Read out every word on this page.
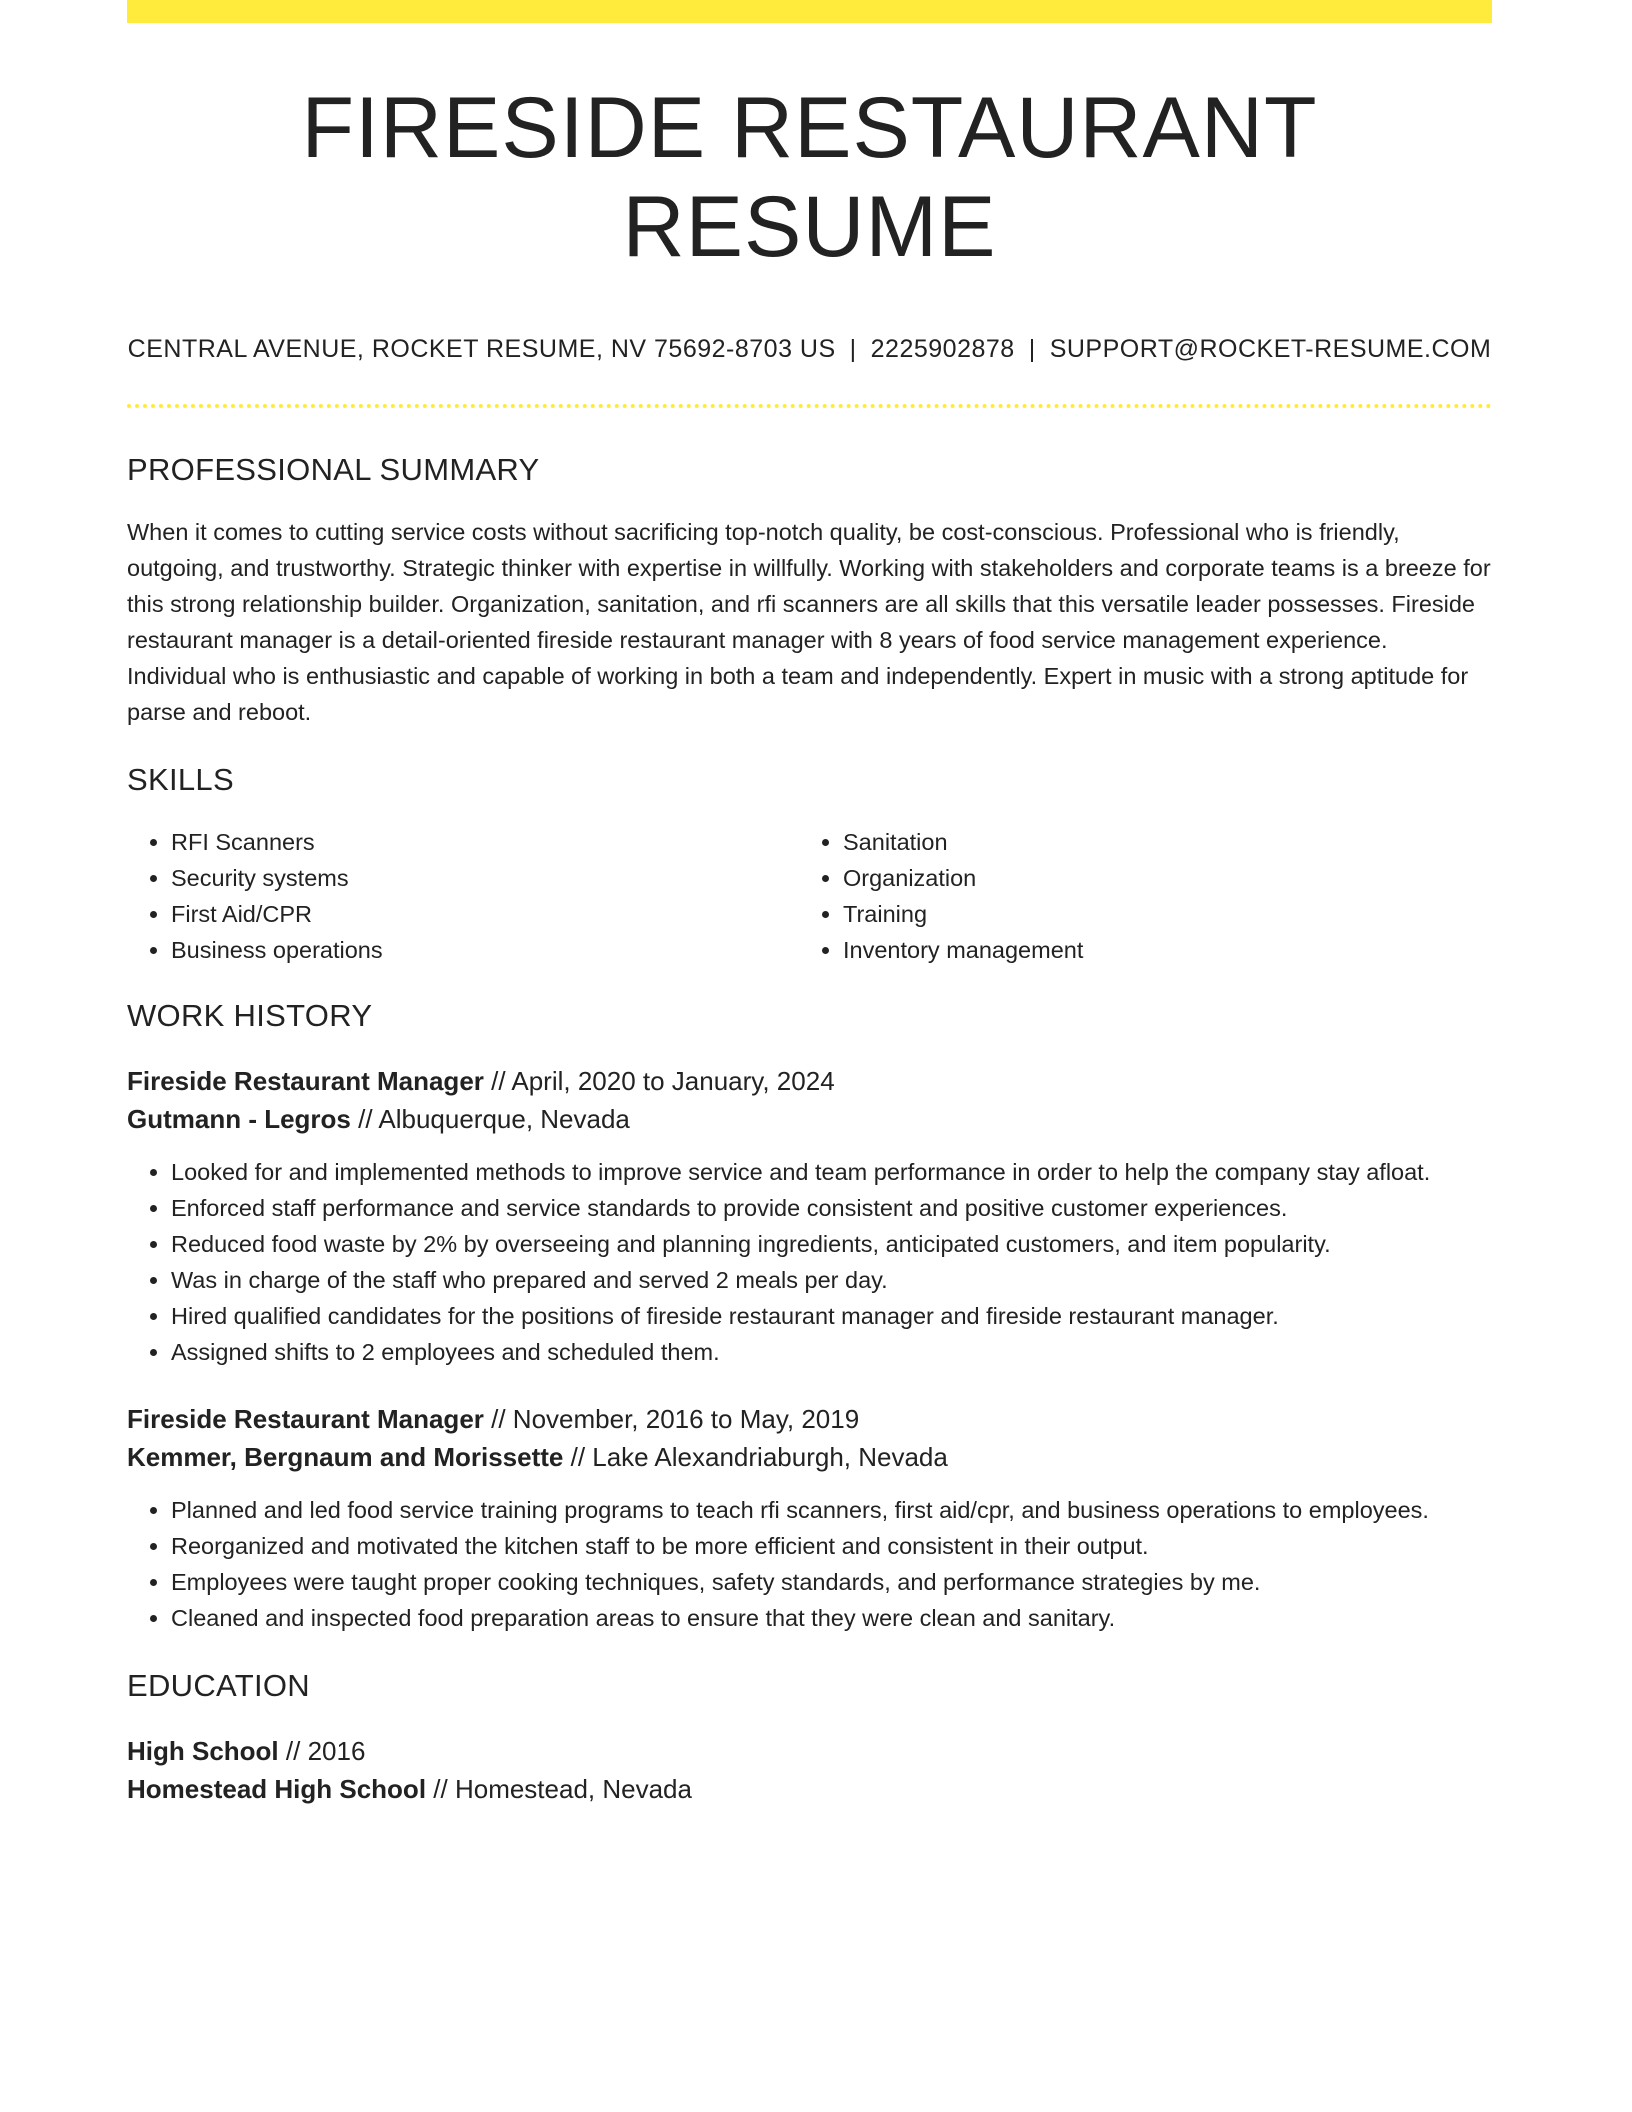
FIRESIDE RESTAURANT RESUME
CENTRAL AVENUE, ROCKET RESUME, NV 75692-8703 US | 2225902878 | SUPPORT@ROCKET-RESUME.COM
PROFESSIONAL SUMMARY
When it comes to cutting service costs without sacrificing top-notch quality, be cost-conscious. Professional who is friendly, outgoing, and trustworthy. Strategic thinker with expertise in willfully. Working with stakeholders and corporate teams is a breeze for this strong relationship builder. Organization, sanitation, and rfi scanners are all skills that this versatile leader possesses. Fireside restaurant manager is a detail-oriented fireside restaurant manager with 8 years of food service management experience. Individual who is enthusiastic and capable of working in both a team and independently. Expert in music with a strong aptitude for parse and reboot.
SKILLS
• RFI Scanners
• Security systems
• First Aid/CPR
• Business operations
• Sanitation
• Organization
• Training
• Inventory management
WORK HISTORY
Fireside Restaurant Manager // April, 2020 to January, 2024
Gutmann - Legros // Albuquerque, Nevada
• Looked for and implemented methods to improve service and team performance in order to help the company stay afloat.
• Enforced staff performance and service standards to provide consistent and positive customer experiences.
• Reduced food waste by 2% by overseeing and planning ingredients, anticipated customers, and item popularity.
• Was in charge of the staff who prepared and served 2 meals per day.
• Hired qualified candidates for the positions of fireside restaurant manager and fireside restaurant manager.
• Assigned shifts to 2 employees and scheduled them.
Fireside Restaurant Manager // November, 2016 to May, 2019
Kemmer, Bergnaum and Morissette // Lake Alexandriaburgh, Nevada
• Planned and led food service training programs to teach rfi scanners, first aid/cpr, and business operations to employees.
• Reorganized and motivated the kitchen staff to be more efficient and consistent in their output.
• Employees were taught proper cooking techniques, safety standards, and performance strategies by me.
• Cleaned and inspected food preparation areas to ensure that they were clean and sanitary.
EDUCATION
High School // 2016
Homestead High School // Homestead, Nevada
